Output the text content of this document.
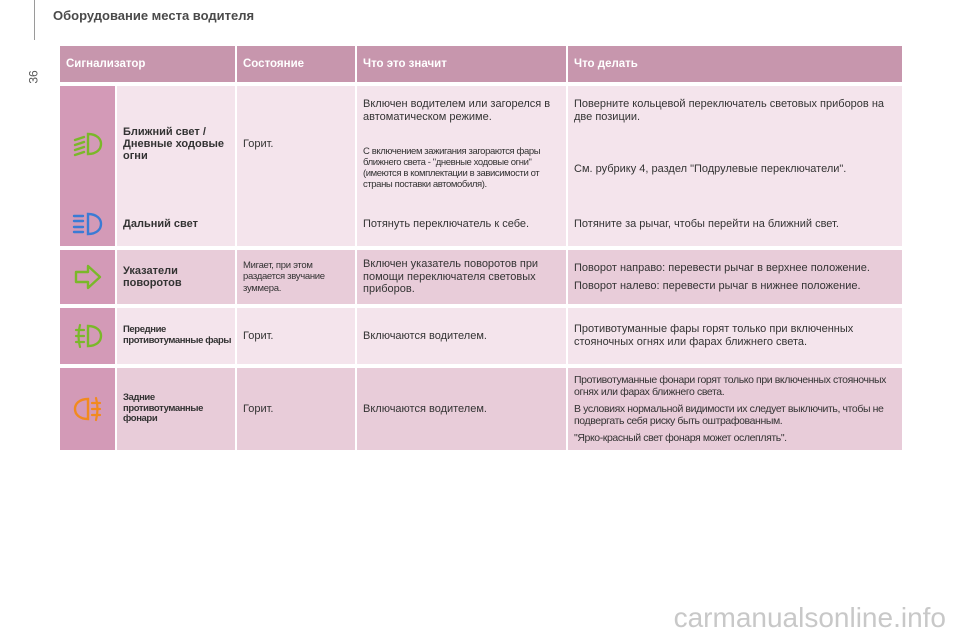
Оборудование места водителя
36
Сигнализатор		Состояние	Что это значит	Что делать

	Ближний свет / Дневные ходовые огни	Горит.	Включен водителем или загорелся в автоматическом режиме.	Поверните кольцевой переключатель световых приборов на две позиции.
			С включением зажигания загораются фары ближнего света - "дневные ходовые огни" (имеются в комплектации в зависимости от страны поставки автомобиля).	См. рубрику 4, раздел "Подрулевые переключатели".

	Дальний свет		Потянуть переключатель к себе.	Потяните за рычаг, чтобы перейти на ближний свет.

	Указатели поворотов	Мигает, при этом раздается звучание зуммера.	Включен указатель поворотов при помощи переключателя световых приборов.	Поворот направо: перевести рычаг в верхнее положение.
Поворот налево: перевести рычаг в нижнее положение.

	Передние противотуманные фары	Горит.	Включаются водителем.	Противотуманные фары горят только при включенных стояночных огнях или фарах ближнего света.

	Задние противотуманные фонари	Горит.	Включаются водителем.	Противотуманные фонари горят только при включенных стояночных огнях или фарах ближнего света.
В условиях нормальной видимости их следует выключить, чтобы не подвергать себя риску быть оштрафованным.
"Ярко-красный свет фонаря может ослеплять".
carmanualsonline.info
